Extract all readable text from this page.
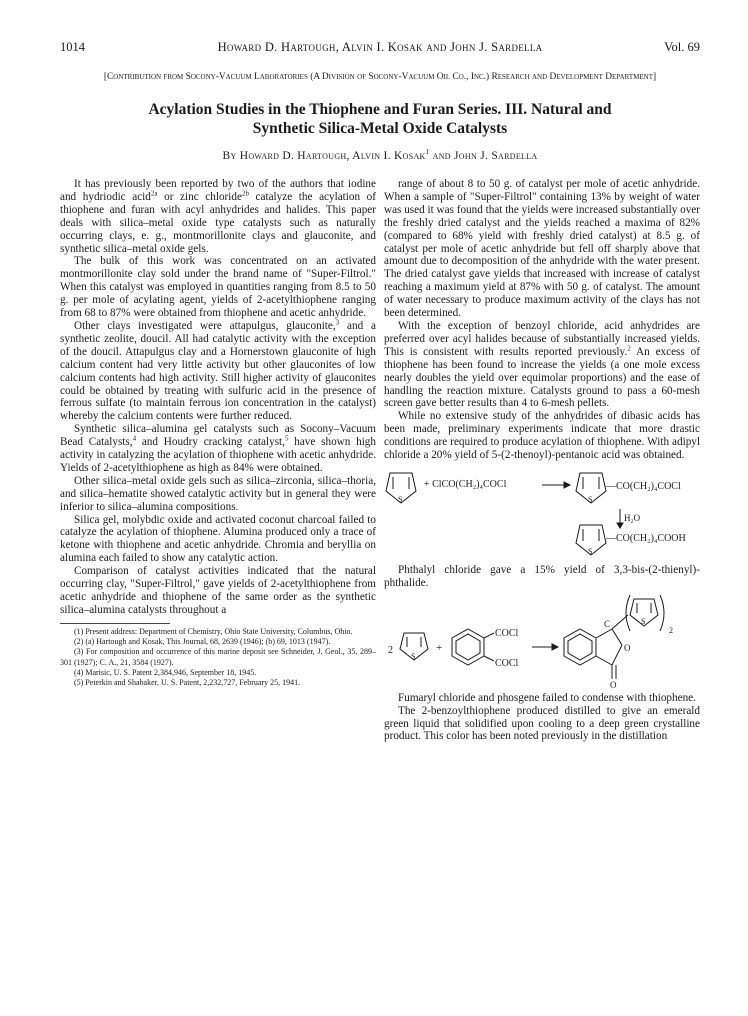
1014	Howard D. Hartough, Alvin I. Kosak and John J. Sardella	Vol. 69
[Contribution from Socony-Vacuum Laboratories (A Division of Socony-Vacuum Oil Co., Inc.) Research and Development Department]
Acylation Studies in the Thiophene and Furan Series. III. Natural and
Synthetic Silica-Metal Oxide Catalysts
By Howard D. Hartough, Alvin I. Kosak$^1$ and John J. Sardella

It has previously been reported by two of the authors that iodine and hydriodic acid$^{2a}$ or zinc chloride$^{2b}$ catalyze the acylation of thiophene and furan with acyl anhydrides and halides. This paper deals with silica–metal oxide type catalysts such as naturally occurring clays, e. g., montmorillonite clays and glauconite, and synthetic silica–metal oxide gels.

The bulk of this work was concentrated on an activated montmorillonite clay sold under the brand name of "Super-Filtrol." When this catalyst was employed in quantities ranging from 8.5 to 50 g. per mole of acylating agent, yields of 2-acetylthiophene ranging from 68 to 87% were obtained from thiophene and acetic anhydride.

Other clays investigated were attapulgus, glauconite,$^3$ and a synthetic zeolite, doucil. All had catalytic activity with the exception of the doucil. Attapulgus clay and a Hornerstown glauconite of high calcium content had very little activity but other glauconites of low calcium contents had high activity. Still higher activity of glauconites could be obtained by treating with sulfuric acid in the presence of ferrous sulfate (to maintain ferrous ion concentration in the catalyst) whereby the calcium contents were further reduced.

Synthetic silica–alumina gel catalysts such as Socony–Vacuum Bead Catalysts,$^4$ and Houdry cracking catalyst,$^5$ have shown high activity in catalyzing the acylation of thiophene with acetic anhydride. Yields of 2-acetylthiophene as high as 84% were obtained.

Other silica–metal oxide gels such as silica–zirconia, silica–thoria, and silica–hematite showed catalytic activity but in general they were inferior to silica–alumina compositions.

Silica gel, molybdic oxide and activated coconut charcoal failed to catalyze the acylation of thiophene. Alumina produced only a trace of ketone with thiophene and acetic anhydride. Chromia and beryllia on alumina each failed to show any catalytic action.

Comparison of catalyst activities indicated that the natural occurring clay, "Super-Filtrol," gave yields of 2-acetylthiophene from acetic anhydride and thiophene of the same order as the synthetic silica–alumina catalysts throughout a

(1) Present address: Department of Chemistry, Ohio State University, Columbus, Ohio.

(2) (a) Hartough and Kosak, This Journal, 68, 2639 (1946); (b) 69, 1013 (1947).

(3) For composition and occurrence of this marine deposit see Schneider, J. Geol., 35, 289–301 (1927); C. A., 21, 3584 (1927).

(4) Marisic, U. S. Patent 2,384,946, September 18, 1945.

(5) Peterkin and Shabaker, U. S. Patent, 2,232,727, February 25, 1941.

range of about 8 to 50 g. of catalyst per mole of acetic anhydride. When a sample of "Super-Filtrol" containing 13% by weight of water was used it was found that the yields were increased substantially over the freshly dried catalyst and the yields reached a maxima of 82% (compared to 68% yield with freshly dried catalyst) at 8.5 g. of catalyst per mole of acetic anhydride but fell off sharply above that amount due to decomposition of the anhydride with the water present. The dried catalyst gave yields that increased with increase of catalyst reaching a maximum yield at 87% with 50 g. of catalyst. The amount of water necessary to produce maximum activity of the clays has not been determined.

With the exception of benzoyl chloride, acid anhydrides are preferred over acyl halides because of substantially increased yields. This is consistent with results reported previously.$^2$ An excess of thiophene has been found to increase the yields (a one mole excess nearly doubles the yield over equimolar proportions) and the ease of handling the reaction mixture. Catalysts ground to pass a 60-mesh screen gave better results than 4 to 6-mesh pellets.

While no extensive study of the anhydrides of dibasic acids has been made, preliminary experiments indicate that more drastic conditions are required to produce acylation of thiophene. With adipyl chloride a 20% yield of 5-(2-thenoyl)-pentanoic acid was obtained.

S
+ ClCO(CH₂)₄COCl
S
—CO(CH₂)₄COCl
H₂O
S
—CO(CH₂)₄COOH

Phthalyl chloride gave a 15% yield of 3,3-bis-(2-thienyl)-phthalide.

2
S
+
COCl
COCl
C
O
O
S
2

Fumaryl chloride and phosgene failed to condense with thiophene.

The 2-benzoylthiophene produced distilled to give an emerald green liquid that solidified upon cooling to a deep green crystalline product. This color has been noted previously in the distillation
